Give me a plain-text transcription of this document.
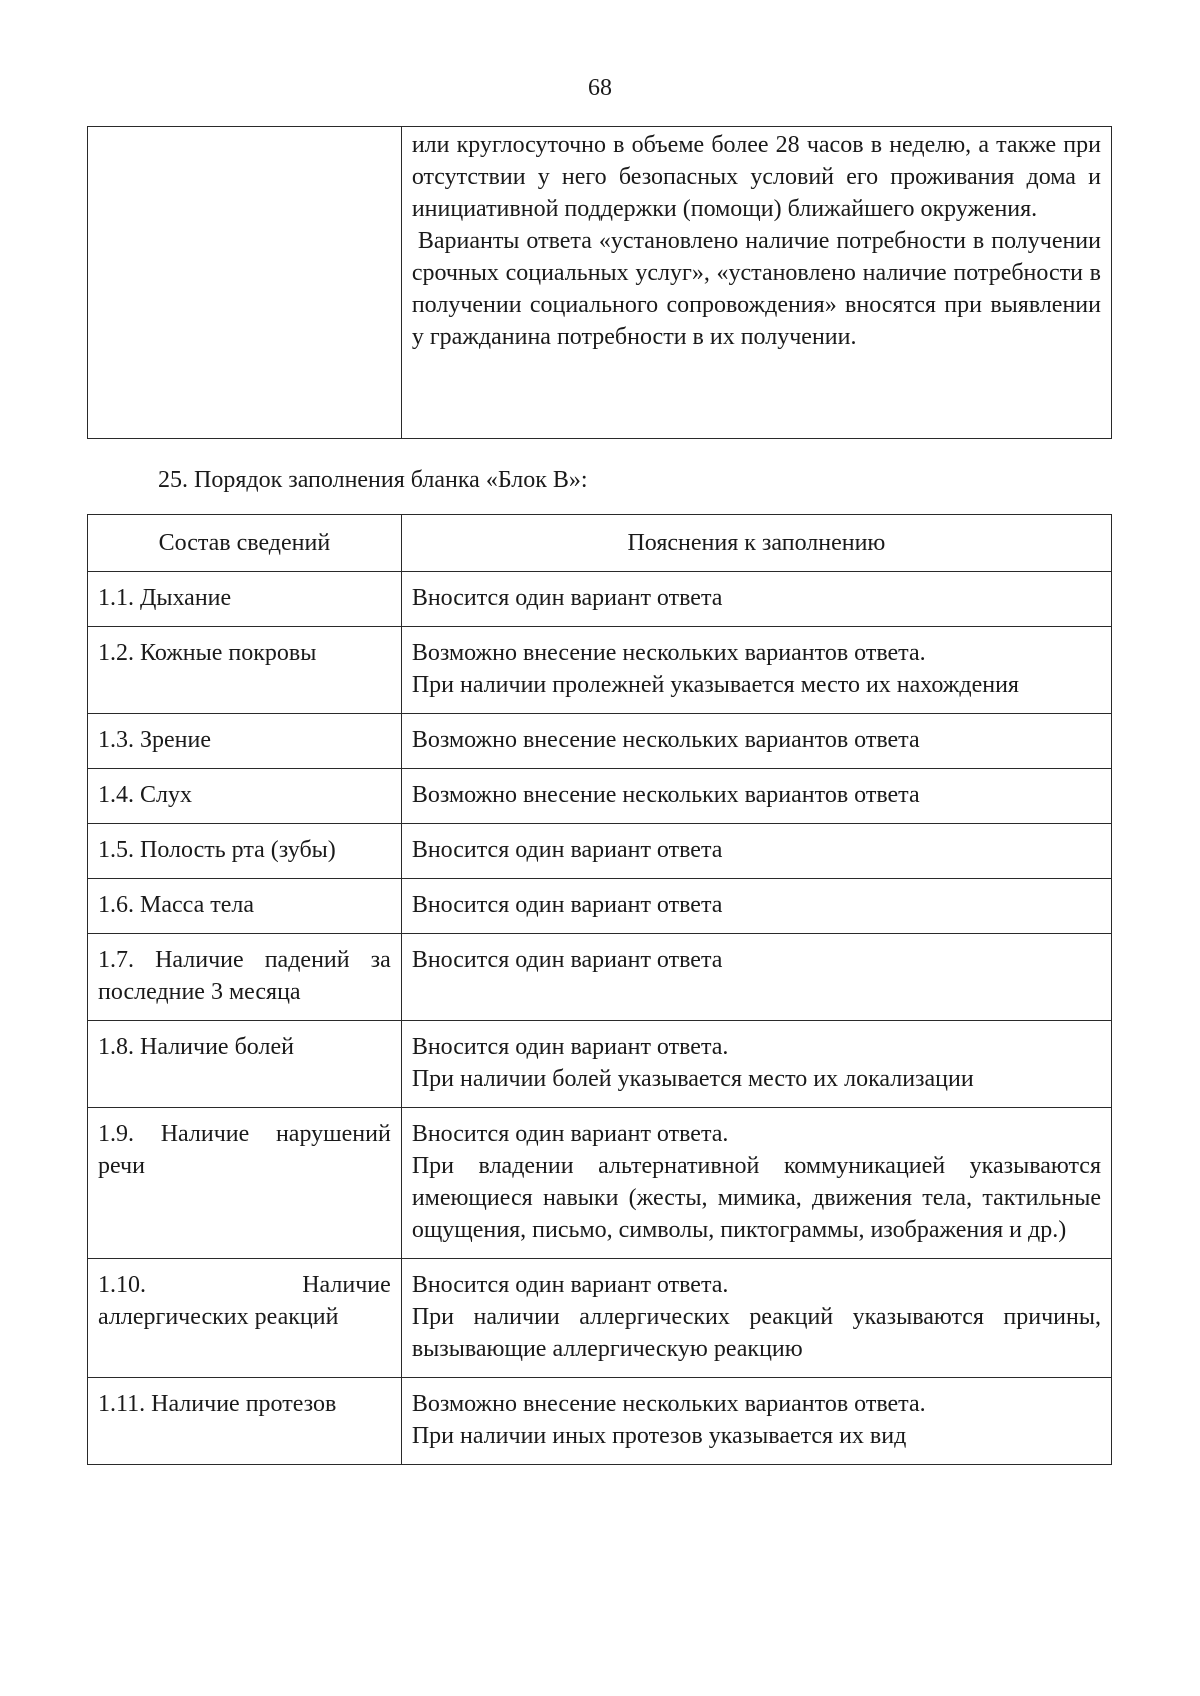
68

или круглосуточно в объеме более 28 часов в неделю, а также при отсутствии у него безопасных условий его проживания дома и инициативной поддержки (помощи) ближайшего окружения.
Варианты ответа «установлено наличие потребности в получении срочных социальных услуг», «установлено наличие потребности в получении социального сопровождения» вносятся при выявлении у гражданина потребности в их получении.
25. Порядок заполнения бланка «Блок В»:
Состав сведений	Пояснения к заполнению
1.1. Дыхание	Вносится один вариант ответа

1.2. Кожные покровы	Возможно внесение нескольких вариантов ответа.
При наличии пролежней указывается место их нахождения

1.3. Зрение	Возможно внесение нескольких вариантов ответа

1.4. Слух	Возможно внесение нескольких вариантов ответа

1.5. Полость рта (зубы)	Вносится один вариант ответа

1.6. Масса тела	Вносится один вариант ответа

1.7. Наличие падений за последние 3 месяца	Вносится один вариант ответа

1.8. Наличие болей	Вносится один вариант ответа.
При наличии болей указывается место их локализации

1.9. Наличие нарушений речи	Вносится один вариант ответа.
При владении альтернативной коммуникацией указываются имеющиеся навыки (жесты, мимика, движения тела, тактильные ощущения, письмо, символы, пиктограммы, изображения и др.)

1.10. Наличие аллергических реакций	Вносится один вариант ответа.
При наличии аллергических реакций указываются причины, вызывающие аллергическую реакцию

1.11. Наличие протезов	Возможно внесение нескольких вариантов ответа.
При наличии иных протезов указывается их вид
